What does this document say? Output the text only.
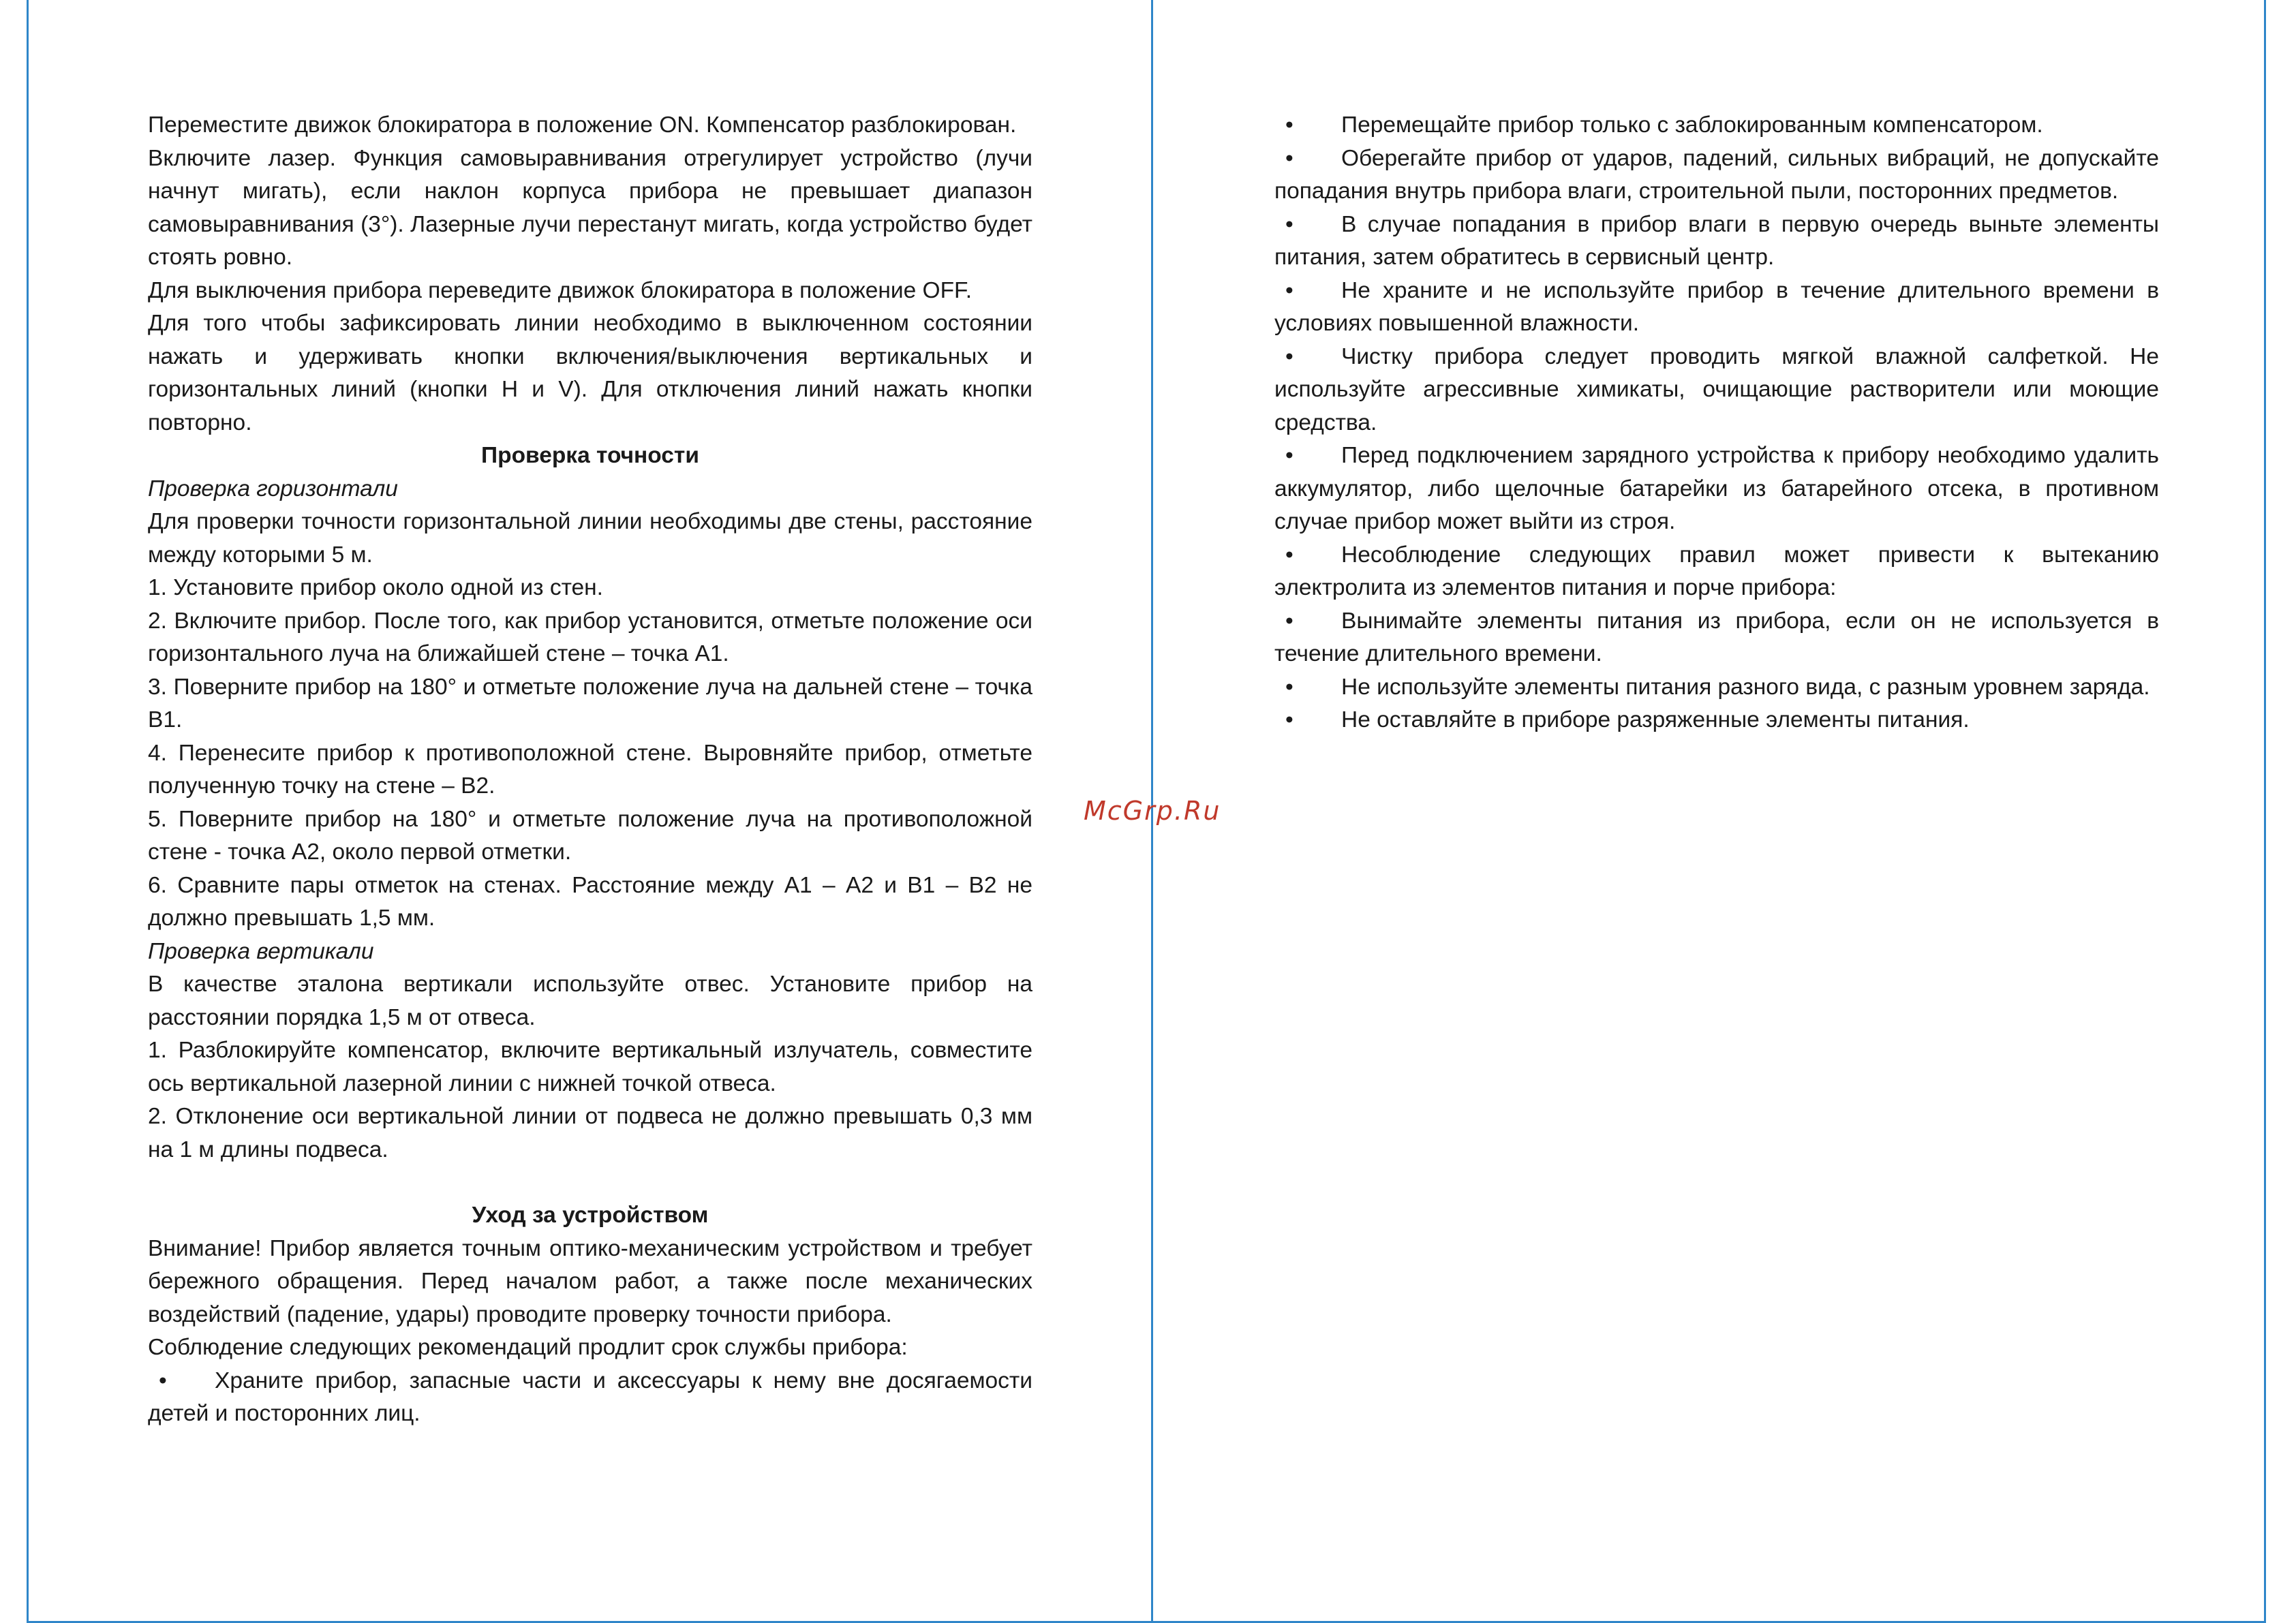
Переместите движок блокиратора в положение ON. Компенсатор разблокирован.

Включите лазер. Функция самовыравнивания отрегулирует устройство (лучи начнут мигать), если наклон корпуса прибора не превышает диапазон самовыравнивания (3°). Лазерные лучи перестанут мигать, когда устройство будет стоять ровно.

Для выключения прибора переведите движок блокиратора в положение OFF.

Для того чтобы зафиксировать линии необходимо в выключенном состоянии нажать и удерживать кнопки включения/выключения вертикальных и горизонтальных линий (кнопки H и V). Для отключения линий нажать кнопки повторно.

Проверка точности

Проверка горизонтали

Для проверки точности горизонтальной линии необходимы две стены, расстояние между которыми 5 м.

1. Установите прибор около одной из стен.

2. Включите прибор. После того, как прибор установится, отметьте положение оси горизонтального луча на ближайшей стене – точка А1.

3. Поверните прибор на 180° и отметьте положение луча на дальней стене – точка В1.

4. Перенесите прибор к противоположной стене. Выровняйте прибор, отметьте полученную точку на стене – В2.

5. Поверните прибор на 180° и отметьте положение луча на противоположной стене - точка А2, около первой отметки.

6. Сравните пары отметок на стенах. Расстояние между А1 – А2 и В1 – В2 не должно превышать 1,5 мм.

Проверка вертикали

В качестве эталона вертикали используйте отвес. Установите прибор на расстоянии порядка 1,5 м от отвеса.

1. Разблокируйте компенсатор, включите вертикальный излучатель, совместите ось вертикальной лазерной линии с нижней точкой отвеса.

2. Отклонение оси вертикальной линии от подвеса не должно превышать 0,3 мм на 1 м длины подвеса.

Уход за устройством

Внимание! Прибор является точным оптико-механическим устройством и требует бережного обращения. Перед началом работ, а также после механических воздействий (падение, удары) проводите проверку точности прибора.

Соблюдение следующих рекомендаций продлит срок службы прибора:

• Храните прибор, запасные части и аксессуары к нему вне досягаемости детей и посторонних лиц.

• Перемещайте прибор только с заблокированным компенсатором.

• Оберегайте прибор от ударов, падений, сильных вибраций, не допускайте попадания внутрь прибора влаги, строительной пыли, посторонних предметов.

• В случае попадания в прибор влаги в первую очередь выньте элементы питания, затем обратитесь в сервисный центр.

• Не храните и не используйте прибор в течение длительного времени в условиях повышенной влажности.

• Чистку прибора следует проводить мягкой влажной салфеткой. Не используйте агрессивные химикаты, очищающие растворители или моющие средства.

• Перед подключением зарядного устройства к прибору необходимо удалить аккумулятор, либо щелочные батарейки из батарейного отсека, в противном случае прибор может выйти из строя.

• Несоблюдение следующих правил может привести к вытеканию электролита из элементов питания и порче прибора:

• Вынимайте элементы питания из прибора, если он не используется в течение длительного времени.

• Не используйте элементы питания разного вида, с разным уровнем заряда.

• Не оставляйте в приборе разряженные элементы питания.

McGrp.Ru
